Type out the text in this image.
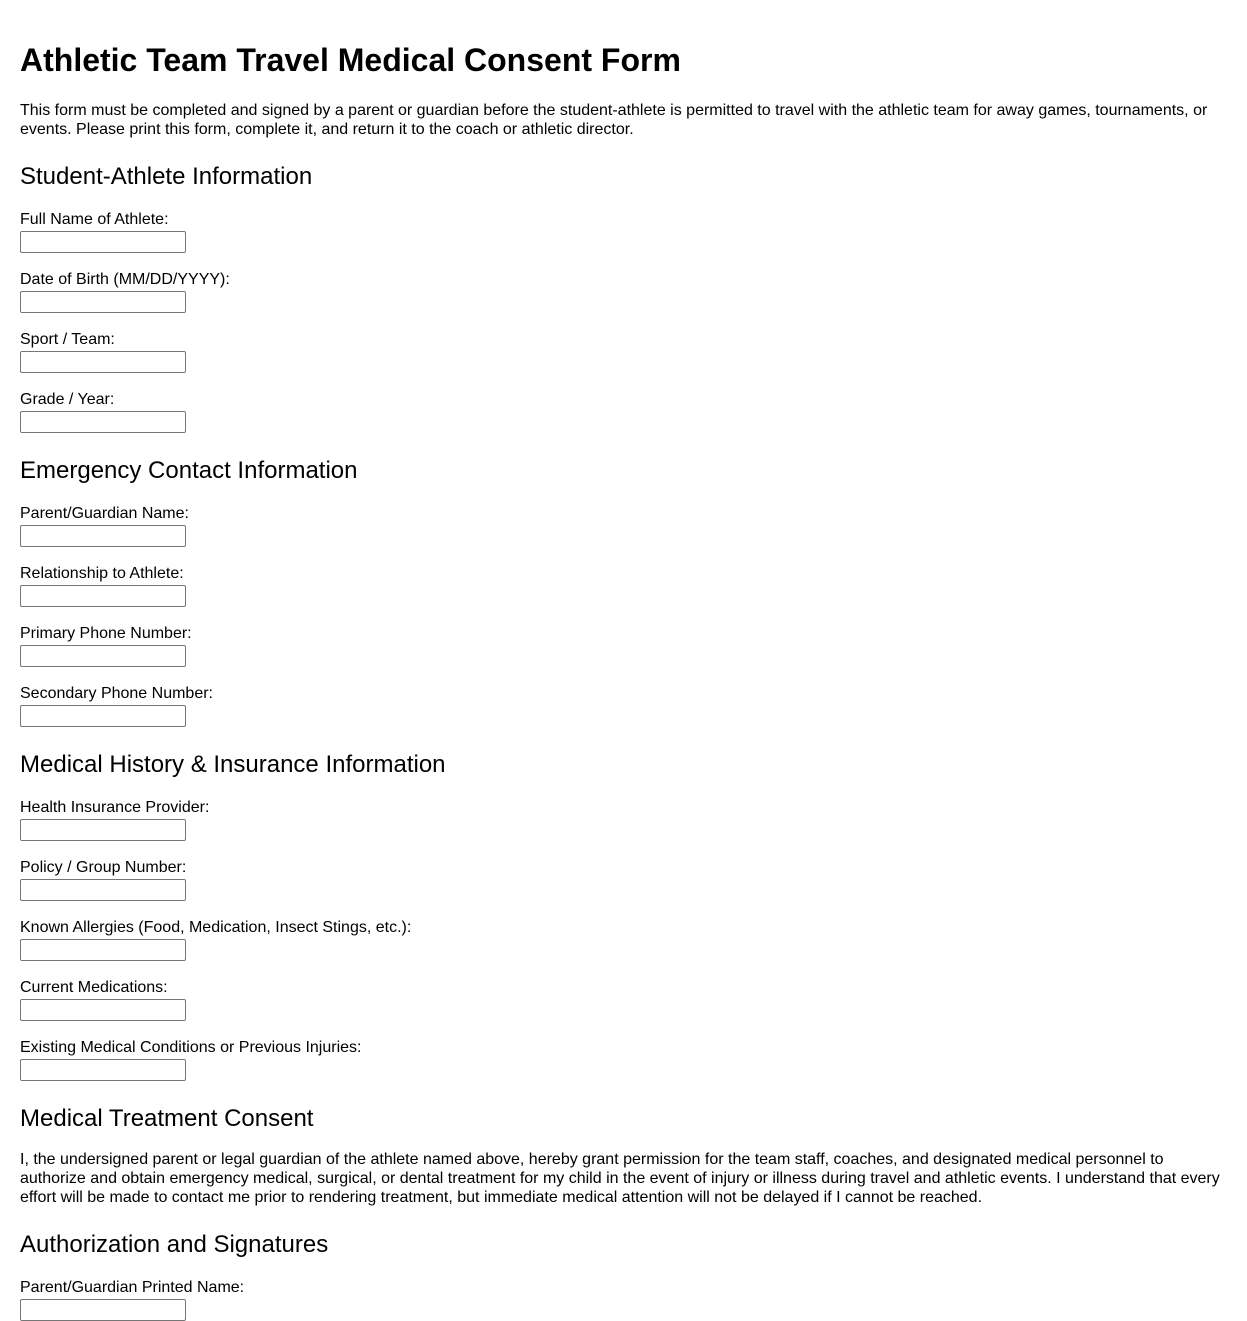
Athletic Team Travel Medical Consent Form

This form must be completed and signed by a parent or guardian before the student-athlete is permitted to travel with the athletic team for away games, tournaments, or events. Please print this form, complete it, and return it to the coach or athletic director.

Student-Athlete Information
Full Name of Athlete:
Date of Birth (MM/DD/YYYY):
Sport / Team:
Grade / Year:
Emergency Contact Information
Parent/Guardian Name:
Relationship to Athlete:
Primary Phone Number:
Secondary Phone Number:
Medical History & Insurance Information
Health Insurance Provider:
Policy / Group Number:
Known Allergies (Food, Medication, Insect Stings, etc.):
Current Medications:
Existing Medical Conditions or Previous Injuries:
Medical Treatment Consent

I, the undersigned parent or legal guardian of the athlete named above, hereby grant permission for the team staff, coaches, and designated medical personnel to authorize and obtain emergency medical, surgical, or dental treatment for my child in the event of injury or illness during travel and athletic events. I understand that every effort will be made to contact me prior to rendering treatment, but immediate medical attention will not be delayed if I cannot be reached.

Authorization and Signatures
Parent/Guardian Printed Name:
